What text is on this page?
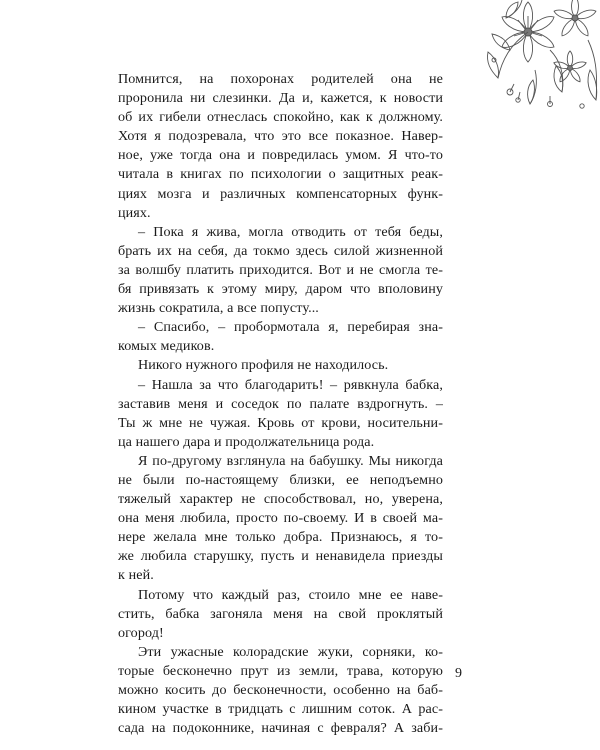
Помнится, на похоронах родителей она не
проронила ни слезинки. Да и, кажется, к новости
об их гибели отнеслась спокойно, как к должному.
Хотя я подозревала, что это все показное. Навер-
ное, уже тогда она и повредилась умом. Я что-то
читала в книгах по психологии о защитных реак-
циях мозга и различных компенсаторных функ-
циях.
– Пока я жива, могла отводить от тебя беды,
брать их на себя, да токмо здесь силой жизненной
за волшбу платить приходится. Вот и не смогла те-
бя привязать к этому миру, даром что вполовину
жизнь сократила, а все попусту...
– Спасибо, – пробормотала я, перебирая зна-
комых медиков.
Никого нужного профиля не находилось.
– Нашла за что благодарить! – рявкнула бабка,
заставив меня и соседок по палате вздрогнуть. –
Ты ж мне не чужая. Кровь от крови, носительни-
ца нашего дара и продолжательница рода.
Я по-другому взглянула на бабушку. Мы никогда
не были по-настоящему близки, ее неподъемно
тяжелый характер не способствовал, но, уверена,
она меня любила, просто по-своему. И в своей ма-
нере желала мне только добра. Признаюсь, я то-
же любила старушку, пусть и ненавидела приезды
к ней.
Потому что каждый раз, стоило мне ее наве-
стить, бабка загоняла меня на свой проклятый
огород!
Эти ужасные колорадские жуки, сорняки, ко-
торые бесконечно прут из земли, трава, которую
можно косить до бесконечности, особенно на баб-
кином участке в тридцать с лишним соток. А рас-
сада на подоконнике, начиная с февраля? А заби-
9
